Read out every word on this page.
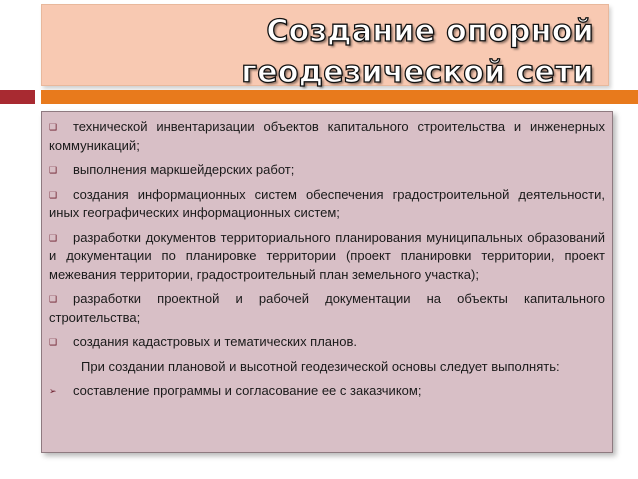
Создание опорной геодезической сети
❑ технической инвентаризации объектов капитального строительства и инженерных коммуникаций;
❑ выполнения маркшейдерских работ;
❑ создания информационных систем обеспечения градостроительной деятельности, иных географических информационных систем;
❑ разработки документов территориального планирования муниципальных образований и документации по планировке территории (проект планировки территории, проект межевания территории, градостроительный план земельного участка);
❑ разработки проектной и рабочей документации на объекты капитального строительства;
❑ создания кадастровых и тематических планов.
При создании плановой и высотной геодезической основы следует выполнять:
➢ составление программы и согласование ее с заказчиком;
